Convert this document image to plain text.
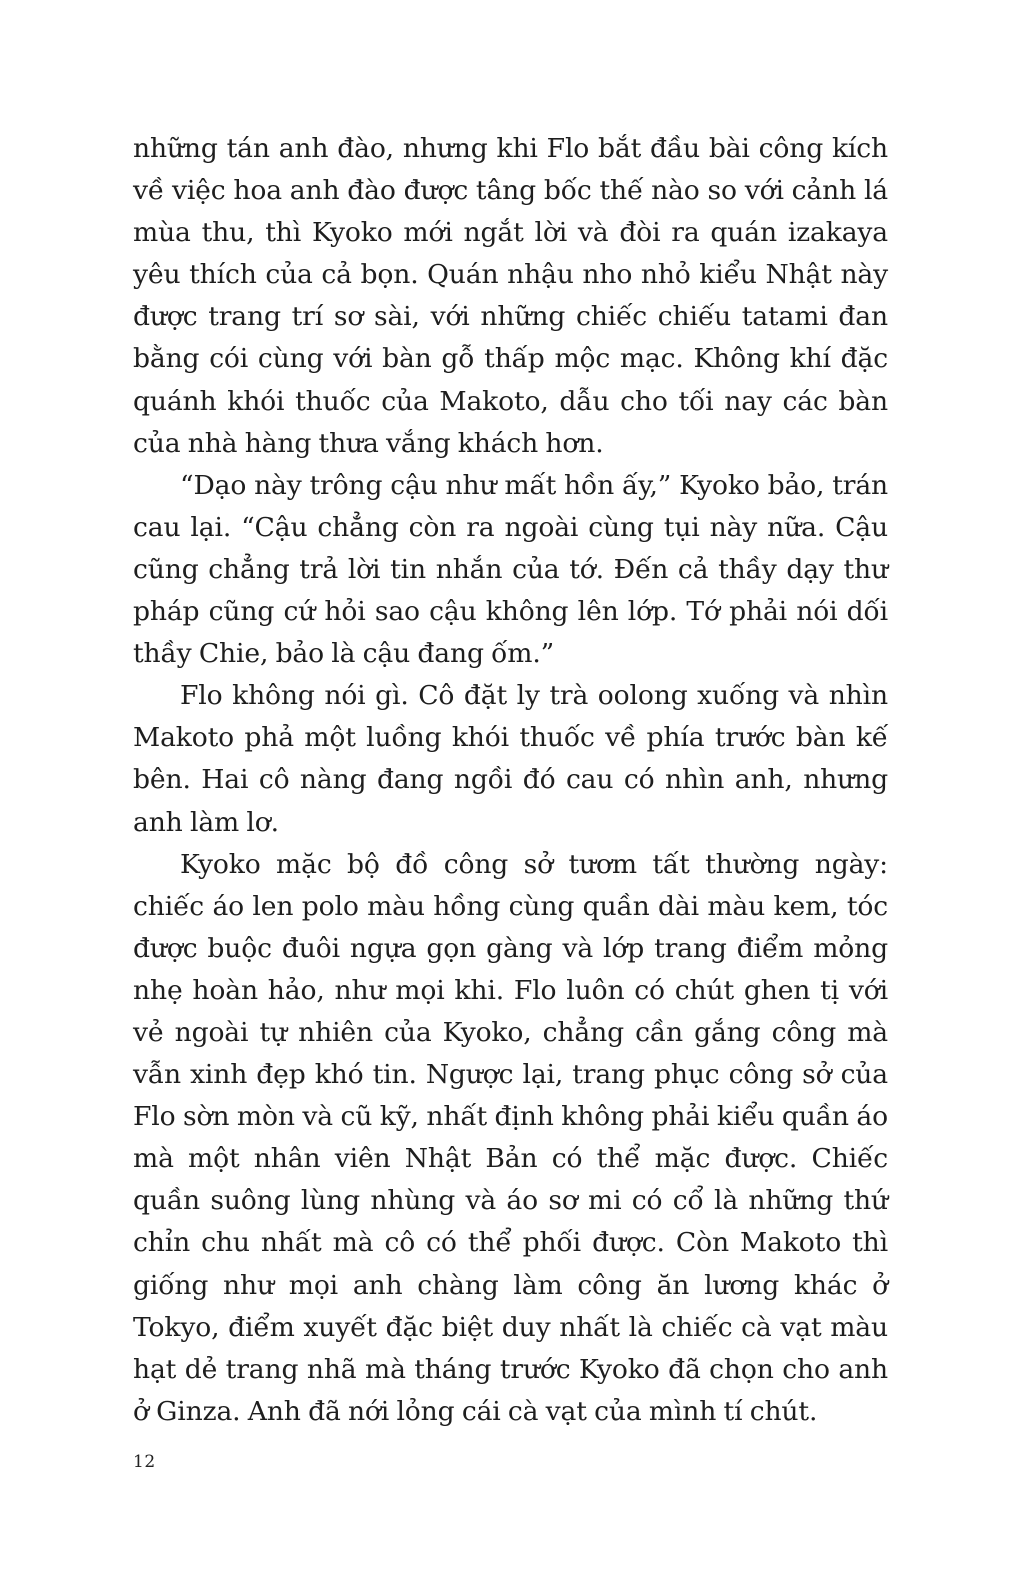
những tán anh đào, nhưng khi Flo bắt đầu bài công kích về việc hoa anh đào được tâng bốc thế nào so với cảnh lá mùa thu, thì Kyoko mới ngắt lời và đòi ra quán izakaya yêu thích của cả bọn. Quán nhậu nho nhỏ kiểu Nhật này được trang trí sơ sài, với những chiếc chiếu tatami đan bằng cói cùng với bàn gỗ thấp mộc mạc. Không khí đặc quánh khói thuốc của Makoto, dẫu cho tối nay các bàn của nhà hàng thưa vắng khách hơn.

“Dạo này trông cậu như mất hồn ấy,” Kyoko bảo, trán cau lại. “Cậu chẳng còn ra ngoài cùng tụi này nữa. Cậu cũng chẳng trả lời tin nhắn của tớ. Đến cả thầy dạy thư pháp cũng cứ hỏi sao cậu không lên lớp. Tớ phải nói dối thầy Chie, bảo là cậu đang ốm.”

Flo không nói gì. Cô đặt ly trà oolong xuống và nhìn Makoto phả một luồng khói thuốc về phía trước bàn kế bên. Hai cô nàng đang ngồi đó cau có nhìn anh, nhưng anh làm lơ.

Kyoko mặc bộ đồ công sở tươm tất thường ngày: chiếc áo len polo màu hồng cùng quần dài màu kem, tóc được buộc đuôi ngựa gọn gàng và lớp trang điểm mỏng nhẹ hoàn hảo, như mọi khi. Flo luôn có chút ghen tị với vẻ ngoài tự nhiên của Kyoko, chẳng cần gắng công mà vẫn xinh đẹp khó tin. Ngược lại, trang phục công sở của Flo sờn mòn và cũ kỹ, nhất định không phải kiểu quần áo mà một nhân viên Nhật Bản có thể mặc được. Chiếc quần suông lùng nhùng và áo sơ mi có cổ là những thứ chỉn chu nhất mà cô có thể phối được. Còn Makoto thì giống như mọi anh chàng làm công ăn lương khác ở Tokyo, điểm xuyết đặc biệt duy nhất là chiếc cà vạt màu hạt dẻ trang nhã mà tháng trước Kyoko đã chọn cho anh ở Ginza. Anh đã nới lỏng cái cà vạt của mình tí chút.

12
